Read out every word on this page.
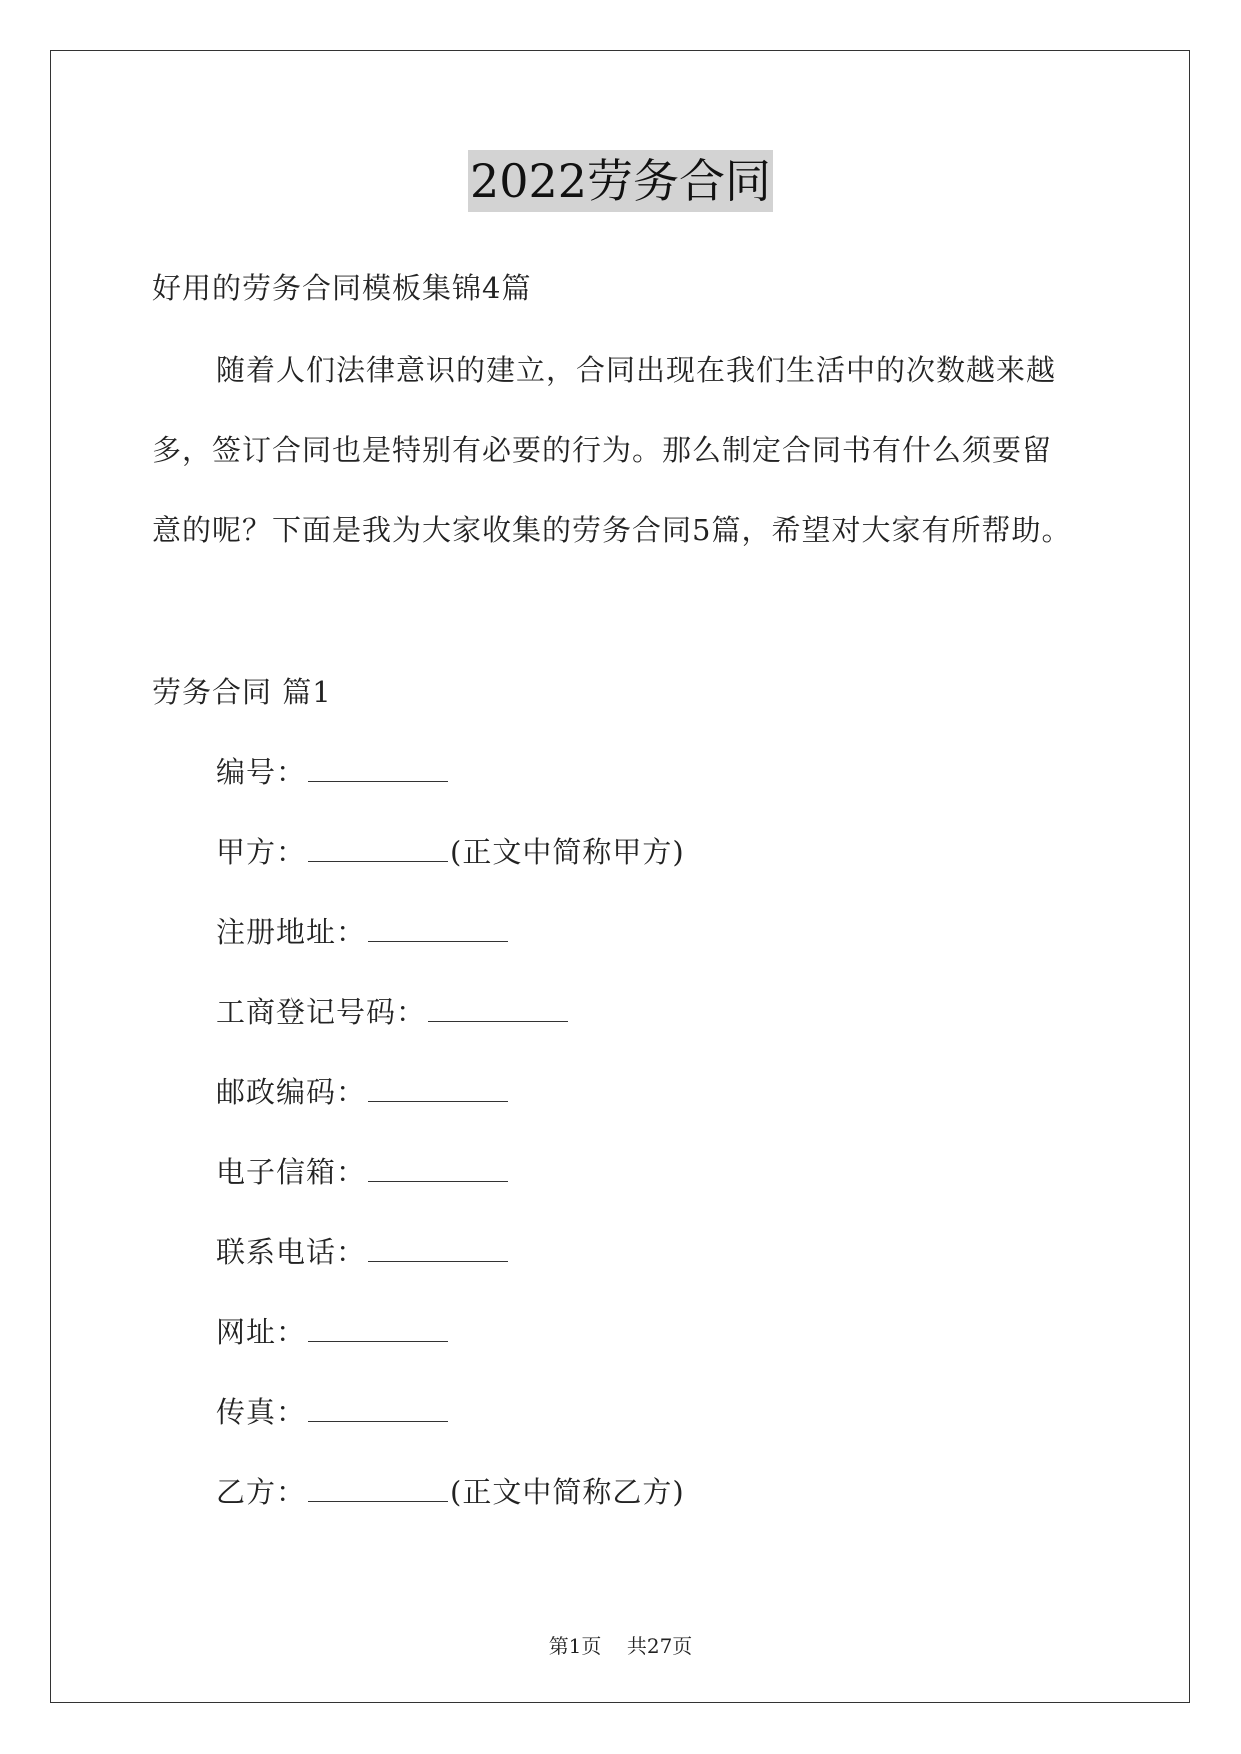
2022劳务合同
好用的劳务合同模板集锦4篇
随着人们法律意识的建立，合同出现在我们生活中的次数越来越
多，签订合同也是特别有必要的行为。那么制定合同书有什么须要留
意的呢？下面是我为大家收集的劳务合同5篇，希望对大家有所帮助。
劳务合同 篇1
编号：
甲方：	(正文中简称甲方)
注册地址：
工商登记号码：
邮政编码：
电子信箱：
联系电话：
网址：
传真：
乙方：	(正文中简称乙方)
第1页 共27页
